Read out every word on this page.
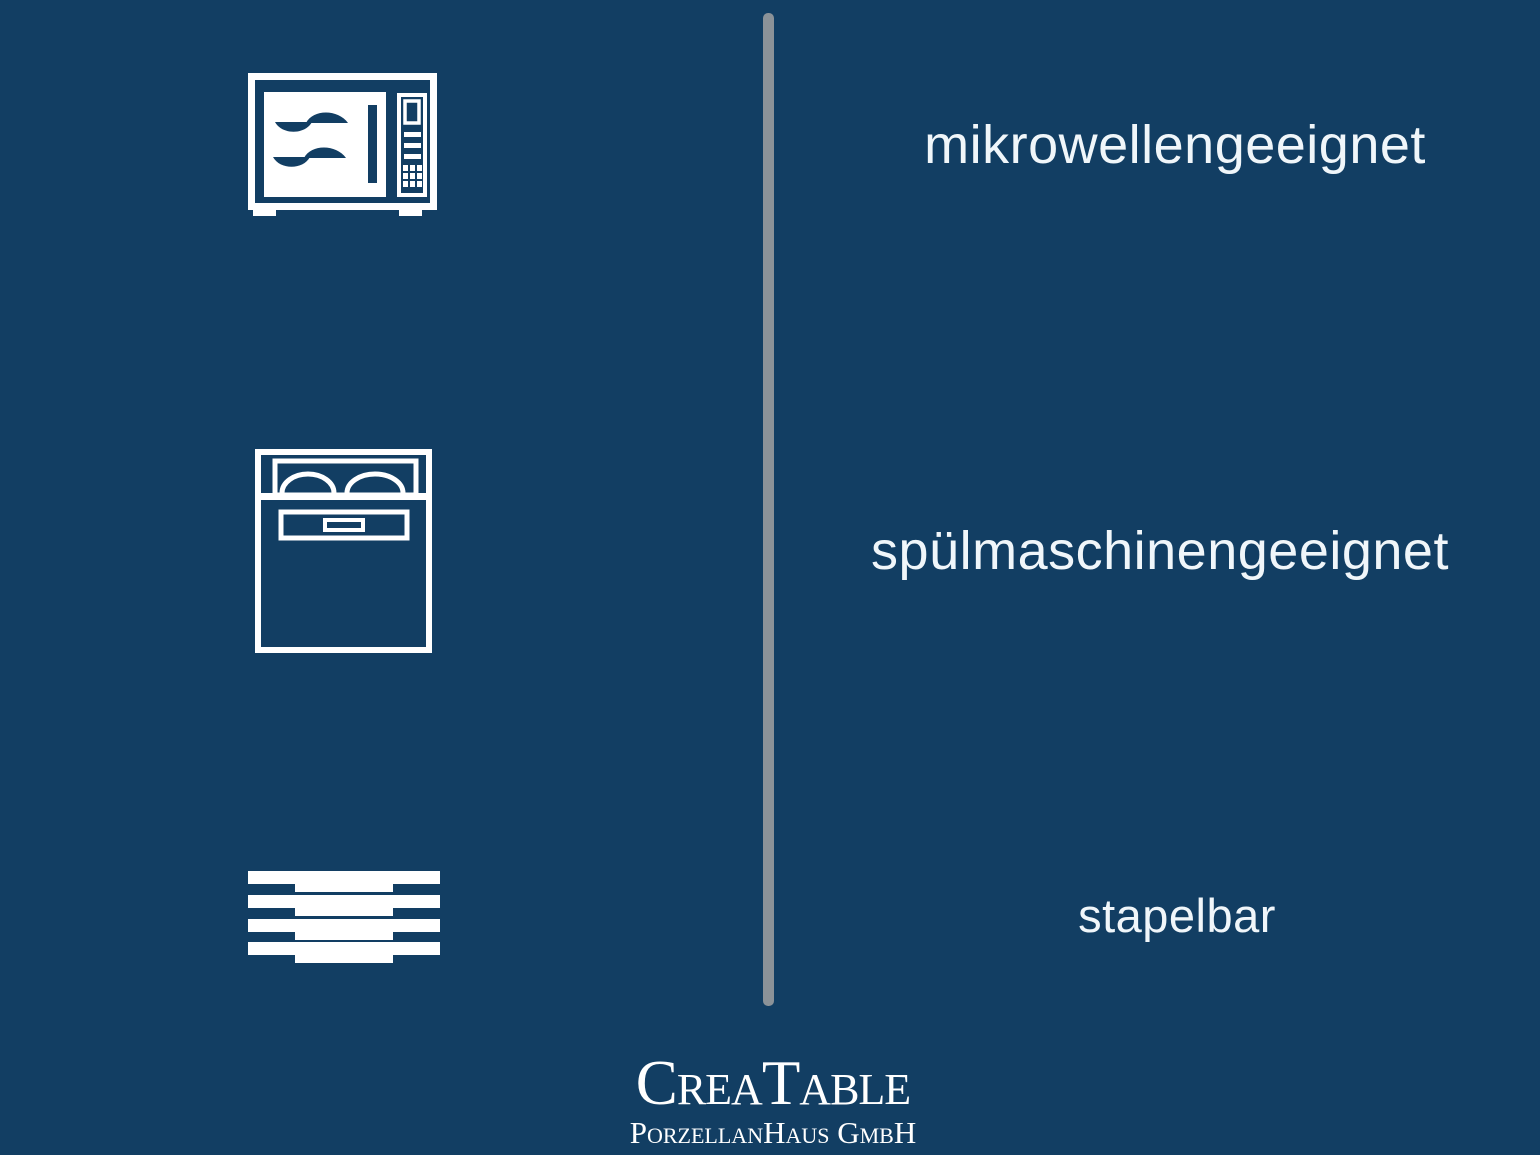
mikrowellengeeignet
spülmaschinengeeignet
stapelbar
CreaTable
PorzellanHaus GmbH
